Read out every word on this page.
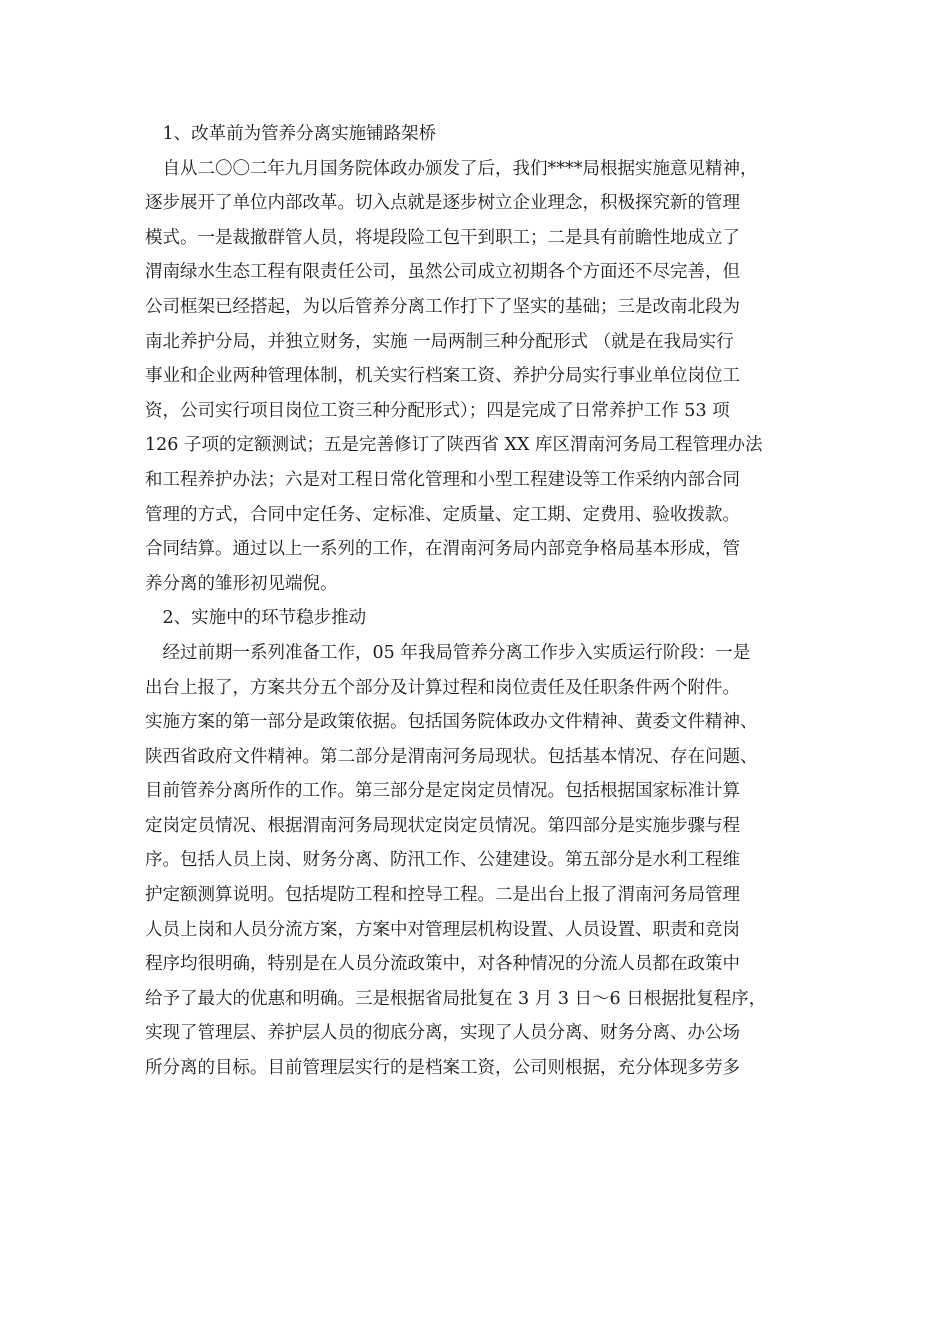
　1、改革前为管养分离实施铺路架桥
　自从二〇〇二年九月国务院体政办颁发了后，我们****局根据实施意见精神，
逐步展开了单位内部改革。切入点就是逐步树立企业理念，积极探究新的管理
模式。一是裁撤群管人员，将堤段险工包干到职工；二是具有前瞻性地成立了
渭南绿水生态工程有限责任公司，虽然公司成立初期各个方面还不尽完善，但
公司框架已经搭起，为以后管养分离工作打下了坚实的基础；三是改南北段为
南北养护分局，并独立财务，实施 一局两制三种分配形式 （就是在我局实行
事业和企业两种管理体制，机关实行档案工资、养护分局实行事业单位岗位工
资，公司实行项目岗位工资三种分配形式）；四是完成了日常养护工作 53 项
126 子项的定额测试；五是完善修订了陕西省 XX 库区渭南河务局工程管理办法
和工程养护办法；六是对工程日常化管理和小型工程建设等工作采纳内部合同
管理的方式，合同中定任务、定标准、定质量、定工期、定费用、验收拨款。
合同结算。通过以上一系列的工作，在渭南河务局内部竞争格局基本形成，管
养分离的雏形初见端倪。
　2、实施中的环节稳步推动
　经过前期一系列准备工作，05 年我局管养分离工作步入实质运行阶段：一是
出台上报了，方案共分五个部分及计算过程和岗位责任及任职条件两个附件。
实施方案的第一部分是政策依据。包括国务院体政办文件精神、黄委文件精神、
陕西省政府文件精神。第二部分是渭南河务局现状。包括基本情况、存在问题、
目前管养分离所作的工作。第三部分是定岗定员情况。包括根据国家标准计算
定岗定员情况、根据渭南河务局现状定岗定员情况。第四部分是实施步骤与程
序。包括人员上岗、财务分离、防汛工作、公建建设。第五部分是水利工程维
护定额测算说明。包括堤防工程和控导工程。二是出台上报了渭南河务局管理
人员上岗和人员分流方案，方案中对管理层机构设置、人员设置、职责和竞岗
程序均很明确，特别是在人员分流政策中，对各种情况的分流人员都在政策中
给予了最大的优惠和明确。三是根据省局批复在 3 月 3 日～6 日根据批复程序，
实现了管理层、养护层人员的彻底分离，实现了人员分离、财务分离、办公场
所分离的目标。目前管理层实行的是档案工资，公司则根据，充分体现多劳多
